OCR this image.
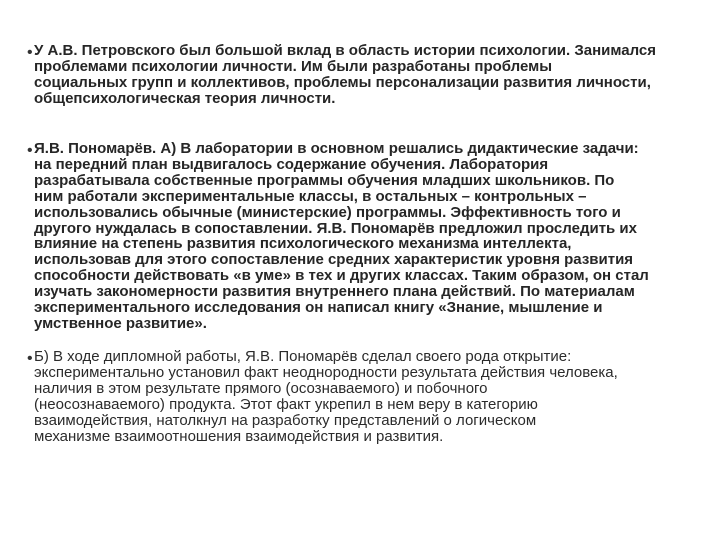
• У А.В. Петровского был большой вклад в область истории психологии. Занимался
проблемами психологии личности. Им были разработаны проблемы
социальных групп и коллективов, проблемы персонализации развития личности,
общепсихологическая теория личности.

• Я.В. Пономарёв. А) В лаборатории в основном решались дидактические задачи:
на передний план выдвигалось содержание обучения. Лаборатория
разрабатывала собственные программы обучения младших школьников. По
ним работали экспериментальные классы, в остальных – контрольных –
использовались обычные (министерские) программы. Эффективность того и
другого нуждалась в сопоставлении. Я.В. Пономарёв предложил проследить их
влияние на степень развития психологического механизма интеллекта,
использовав для этого сопоставление средних характеристик уровня развития
способности действовать «в уме» в тех и других классах. Таким образом, он стал
изучать закономерности развития внутреннего плана действий. По материалам
экспериментального исследования он написал книгу «Знание, мышление и
умственное развитие».

• Б) В ходе дипломной работы, Я.В. Пономарёв сделал своего рода открытие:
экспериментально установил факт неоднородности результата действия человека,
наличия в этом результате прямого (осознаваемого) и побочного
(неосознаваемого) продукта. Этот факт укрепил в нем веру в категорию
взаимодействия, натолкнул на разработку представлений о логическом
механизме взаимоотношения взаимодействия и развития.
